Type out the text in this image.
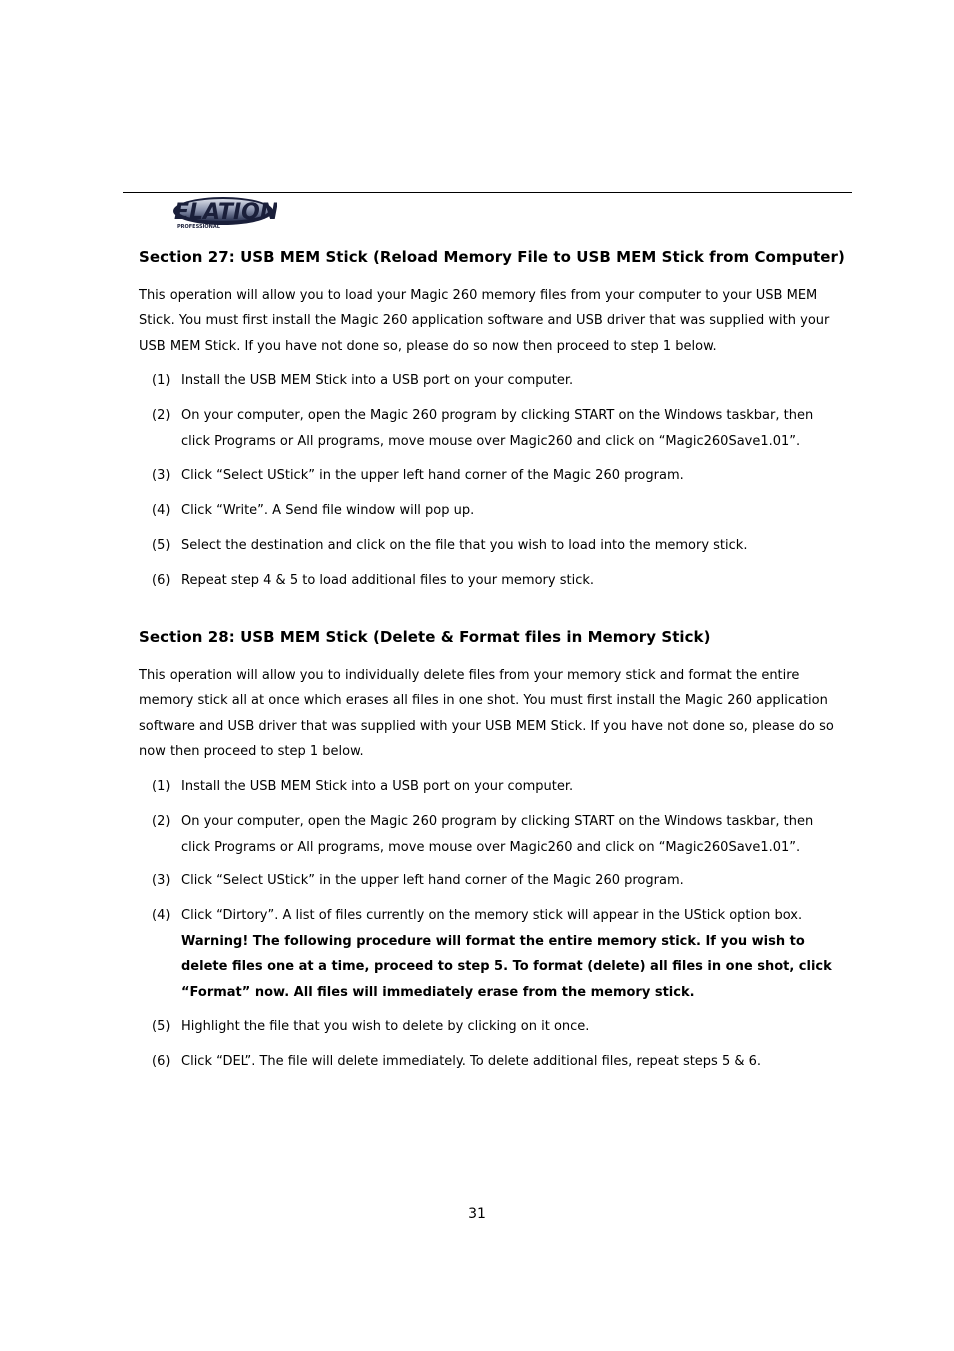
ELATION
PROFESSIONAL
Section 27: USB MEM Stick (Reload Memory File to USB MEM Stick from Computer)
This operation will allow you to load your Magic 260 memory files from your computer to your USB MEM
Stick. You must first install the Magic 260 application software and USB driver that was supplied with your
USB MEM Stick. If you have not done so, please do so now then proceed to step 1 below.
(1) Install the USB MEM Stick into a USB port on your computer.
(2) On your computer, open the Magic 260 program by clicking START on the Windows taskbar, then
click Programs or All programs, move mouse over Magic260 and click on “Magic260Save1.01”.
(3) Click “Select UStick” in the upper left hand corner of the Magic 260 program.
(4) Click “Write”. A Send file window will pop up.
(5) Select the destination and click on the file that you wish to load into the memory stick.
(6) Repeat step 4 & 5 to load additional files to your memory stick.
Section 28: USB MEM Stick (Delete & Format files in Memory Stick)
This operation will allow you to individually delete files from your memory stick and format the entire
memory stick all at once which erases all files in one shot. You must first install the Magic 260 application
software and USB driver that was supplied with your USB MEM Stick. If you have not done so, please do so
now then proceed to step 1 below.
(1) Install the USB MEM Stick into a USB port on your computer.
(2) On your computer, open the Magic 260 program by clicking START on the Windows taskbar, then
click Programs or All programs, move mouse over Magic260 and click on “Magic260Save1.01”.
(3) Click “Select UStick” in the upper left hand corner of the Magic 260 program.
(4) Click “Dirtory”. A list of files currently on the memory stick will appear in the UStick option box.
Warning! The following procedure will format the entire memory stick. If you wish to
delete files one at a time, proceed to step 5. To format (delete) all files in one shot, click
“Format” now. All files will immediately erase from the memory stick.
(5) Highlight the file that you wish to delete by clicking on it once.
(6) Click “DEL”. The file will delete immediately. To delete additional files, repeat steps 5 & 6.
31
